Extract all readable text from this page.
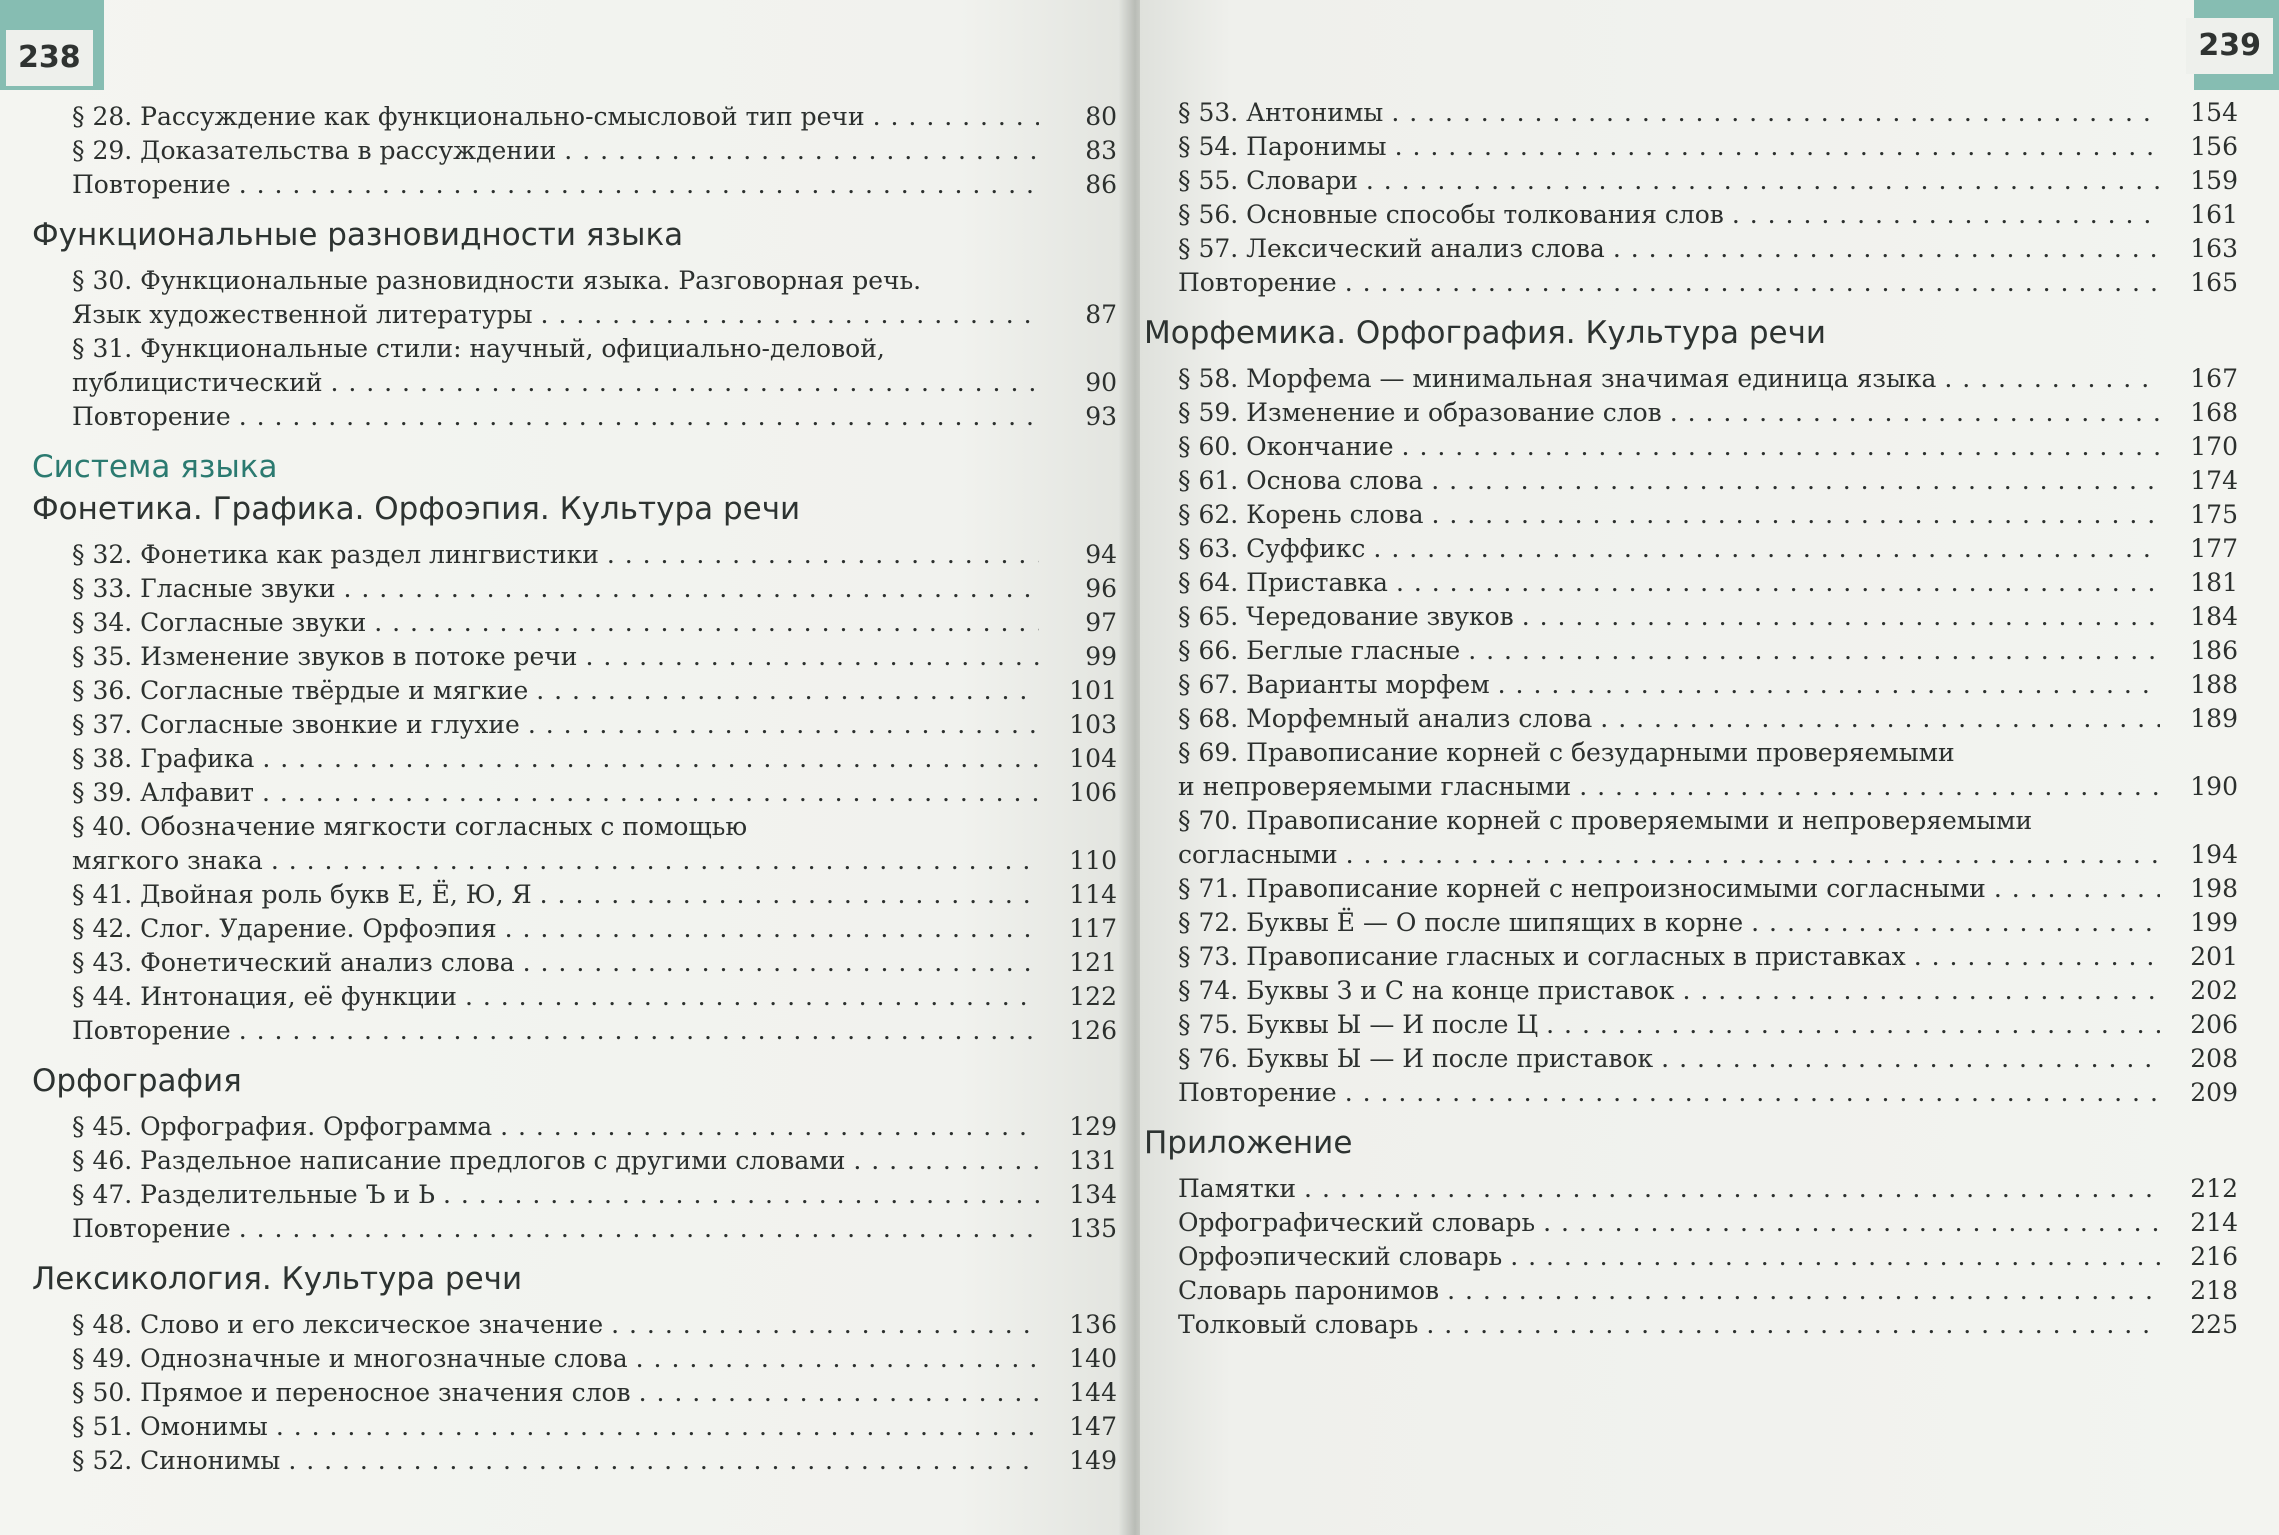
238
§ 28. Рассуждение как функционально-смысловой тип речи . . .	80
§ 29. Доказательства в рассуждении . . .	83
Повторение . . .	86
Функциональные разновидности языка
§ 30. Функциональные разновидности языка. Разговорная речь.
Язык художественной литературы . . .	87
§ 31. Функциональные стили: научный, официально-деловой,
публицистический . . .	90
Повторение . . .	93
Система языка
Фонетика. Графика. Орфоэпия. Культура речи
§ 32. Фонетика как раздел лингвистики . . .	94
§ 33. Гласные звуки . . .	96
§ 34. Согласные звуки . . .	97
§ 35. Изменение звуков в потоке речи . . .	99
§ 36. Согласные твёрдые и мягкие . . .	101
§ 37. Согласные звонкие и глухие . . .	103
§ 38. Графика . . .	104
§ 39. Алфавит . . .	106
§ 40. Обозначение мягкости согласных с помощью
мягкого знака . . .	110
§ 41. Двойная роль букв Е, Ё, Ю, Я . . .	114
§ 42. Слог. Ударение. Орфоэпия . . .	117
§ 43. Фонетический анализ слова . . .	121
§ 44. Интонация, её функции . . .	122
Повторение . . .	126
Орфография
§ 45. Орфография. Орфограмма . . .	129
§ 46. Раздельное написание предлогов с другими словами . . .	131
§ 47. Разделительные Ъ и Ь . . .	134
Повторение . . .	135
Лексикология. Культура речи
§ 48. Слово и его лексическое значение . . .	136
§ 49. Однозначные и многозначные слова . . .	140
§ 50. Прямое и переносное значения слов . . .	144
§ 51. Омонимы . . .	147
§ 52. Синонимы . . .	149
239
§ 53. Антонимы . . .	154
§ 54. Паронимы . . .	156
§ 55. Словари . . .	159
§ 56. Основные способы толкования слов . . .	161
§ 57. Лексический анализ слова . . .	163
Повторение . . .	165
Морфемика. Орфография. Культура речи
§ 58. Морфема — минимальная значимая единица языка . . .	167
§ 59. Изменение и образование слов . . .	168
§ 60. Окончание . . .	170
§ 61. Основа слова . . .	174
§ 62. Корень слова . . .	175
§ 63. Суффикс . . .	177
§ 64. Приставка . . .	181
§ 65. Чередование звуков . . .	184
§ 66. Беглые гласные . . .	186
§ 67. Варианты морфем . . .	188
§ 68. Морфемный анализ слова . . .	189
§ 69. Правописание корней с безударными проверяемыми
и непроверяемыми гласными . . .	190
§ 70. Правописание корней с проверяемыми и непроверяемыми
согласными . . .	194
§ 71. Правописание корней с непроизносимыми согласными . . .	198
§ 72. Буквы Ё — О после шипящих в корне . . .	199
§ 73. Правописание гласных и согласных в приставках . . .	201
§ 74. Буквы З и С на конце приставок . . .	202
§ 75. Буквы Ы — И после Ц . . .	206
§ 76. Буквы Ы — И после приставок . . .	208
Повторение . . .	209
Приложение
Памятки . . .	212
Орфографический словарь . . .	214
Орфоэпический словарь . . .	216
Словарь паронимов . . .	218
Толковый словарь . . .	225
